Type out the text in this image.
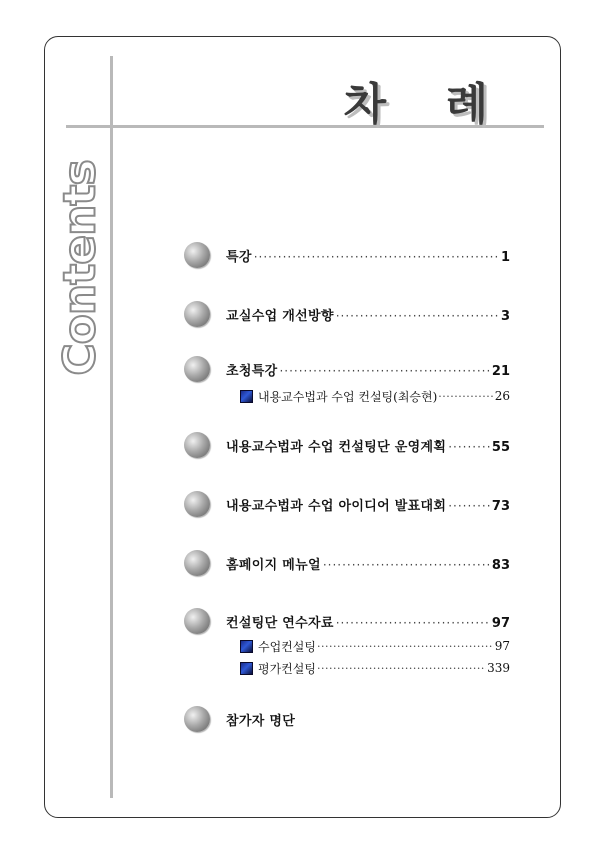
차 례
Contents	특강 ·····	1
교실수업 개선방향 ·····	3
초청특강 ·····	21
내용교수법과 수업 컨설팅(최승현) ·····	26
내용교수법과 수업 컨설팅단 운영계획 ·····	55
내용교수법과 수업 아이디어 발표대회 ·····	73
홈페이지 메뉴얼 ·····	83
컨설팅단 연수자료 ·····	97
수업컨설팅 ·····	97
평가컨설팅 ·····	339
참가자 명단
